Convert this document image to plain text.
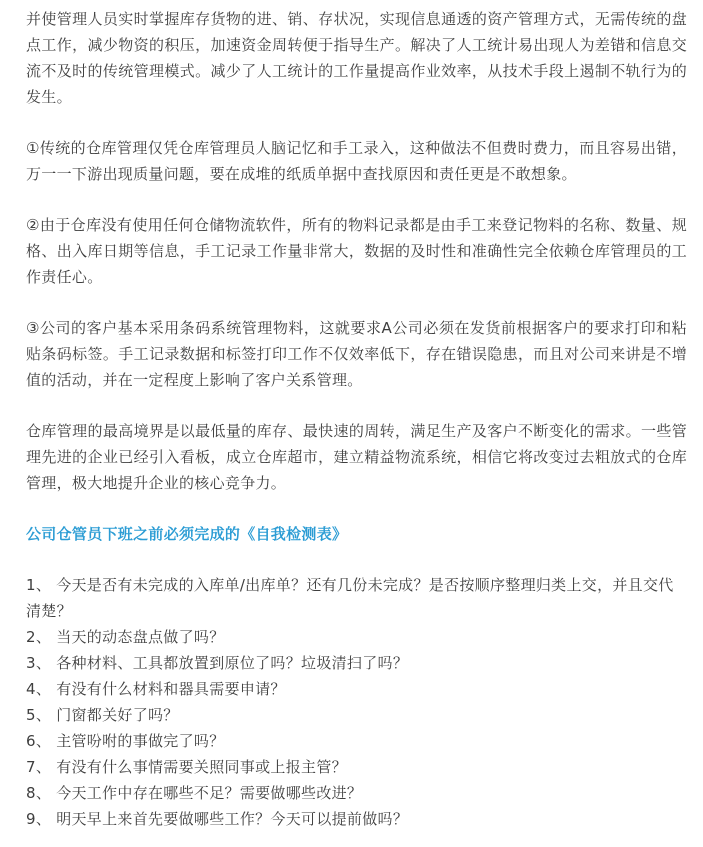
并使管理人员实时掌握库存货物的进、销、存状况，实现信息通透的资产管理方式，无需传统的盘点工作，减少物资的积压，加速资金周转便于指导生产。解决了人工统计易出现人为差错和信息交流不及时的传统管理模式。减少了人工统计的工作量提高作业效率，从技术手段上遏制不轨行为的发生。

①传统的仓库管理仅凭仓库管理员人脑记忆和手工录入，这种做法不但费时费力，而且容易出错，万一一下游出现质量问题，要在成堆的纸质单据中查找原因和责任更是不敢想象。

②由于仓库没有使用任何仓储物流软件，所有的物料记录都是由手工来登记物料的名称、数量、规格、出入库日期等信息，手工记录工作量非常大，数据的及时性和准确性完全依赖仓库管理员的工作责任心。

③公司的客户基本采用条码系统管理物料，这就要求A公司必须在发货前根据客户的要求打印和粘贴条码标签。手工记录数据和标签打印工作不仅效率低下，存在错误隐患，而且对公司来讲是不增值的活动，并在一定程度上影响了客户关系管理。

仓库管理的最高境界是以最低量的库存、最快速的周转，满足生产及客户不断变化的需求。一些管理先进的企业已经引入看板，成立仓库超市，建立精益物流系统，相信它将改变过去粗放式的仓库管理，极大地提升企业的核心竞争力。

公司仓管员下班之前必须完成的《自我检测表》

1、 今天是否有未完成的入库单/出库单？还有几份未完成？是否按顺序整理归类上交，并且交代清楚？
2、 当天的动态盘点做了吗？
3、 各种材料、工具都放置到原位了吗？垃圾清扫了吗？
4、 有没有什么材料和器具需要申请？
5、 门窗都关好了吗？
6、 主管吩咐的事做完了吗？
7、 有没有什么事情需要关照同事或上报主管？
8、 今天工作中存在哪些不足？需要做哪些改进？
9、 明天早上来首先要做哪些工作？今天可以提前做吗？
